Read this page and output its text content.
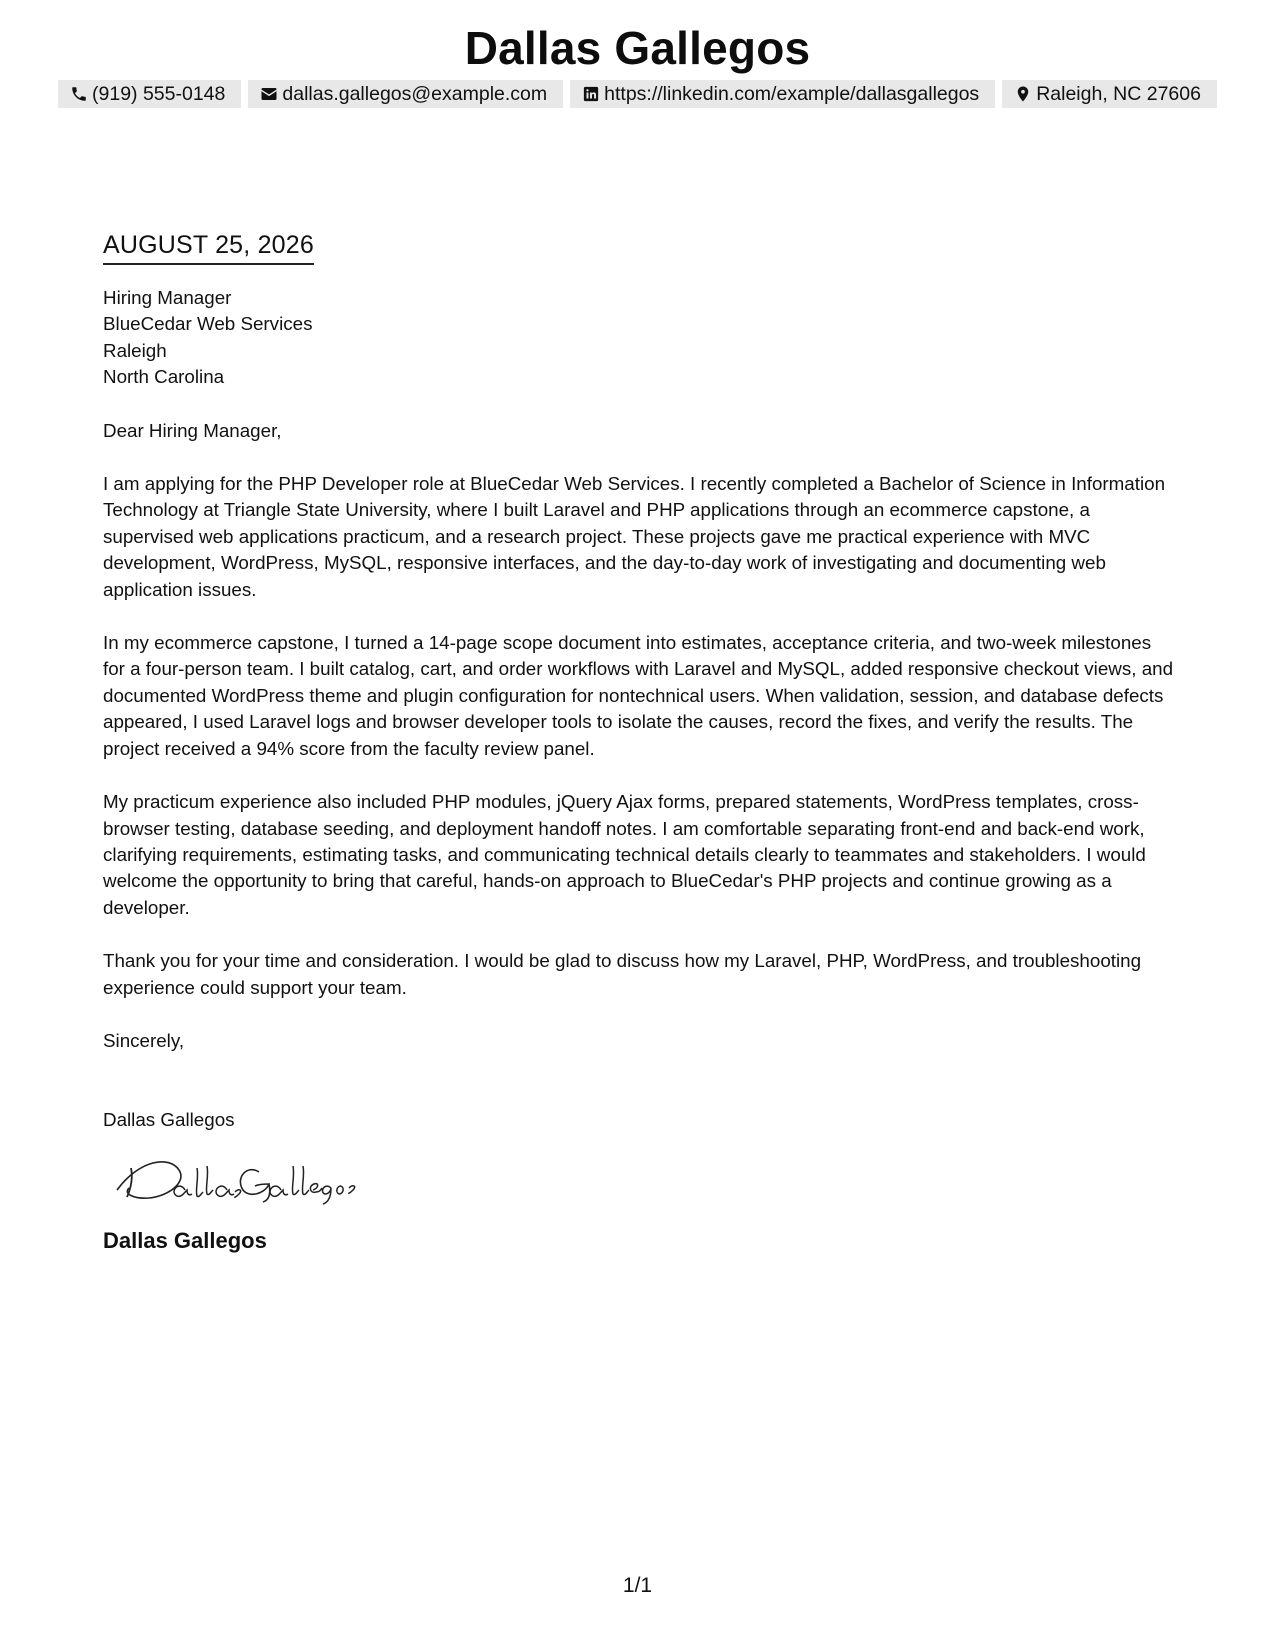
Dallas Gallegos
(919) 555-0148	dallas.gallegos@example.com	https://linkedin.com/example/dallasgallegos	Raleigh, NC 27606
AUGUST 25, 2026
Hiring Manager
BlueCedar Web Services
Raleigh
North Carolina
Dear Hiring Manager,

I am applying for the PHP Developer role at BlueCedar Web Services. I recently completed a Bachelor of Science in Information Technology at Triangle State University, where I built Laravel and PHP applications through an ecommerce capstone, a supervised web applications practicum, and a research project. These projects gave me practical experience with MVC development, WordPress, MySQL, responsive interfaces, and the day-to-day work of investigating and documenting web application issues.

In my ecommerce capstone, I turned a 14-page scope document into estimates, acceptance criteria, and two-week milestones for a four-person team. I built catalog, cart, and order workflows with Laravel and MySQL, added responsive checkout views, and documented WordPress theme and plugin configuration for nontechnical users. When validation, session, and database defects appeared, I used Laravel logs and browser developer tools to isolate the causes, record the fixes, and verify the results. The project received a 94% score from the faculty review panel.

My practicum experience also included PHP modules, jQuery Ajax forms, prepared statements, WordPress templates, cross-browser testing, database seeding, and deployment handoff notes. I am comfortable separating front-end and back-end work, clarifying requirements, estimating tasks, and communicating technical details clearly to teammates and stakeholders. I would welcome the opportunity to bring that careful, hands-on approach to BlueCedar's PHP projects and continue growing as a developer.

Thank you for your time and consideration. I would be glad to discuss how my Laravel, PHP, WordPress, and troubleshooting experience could support your team.

Sincerely,
Dallas Gallegos
Dallas Gallegos
1/1
